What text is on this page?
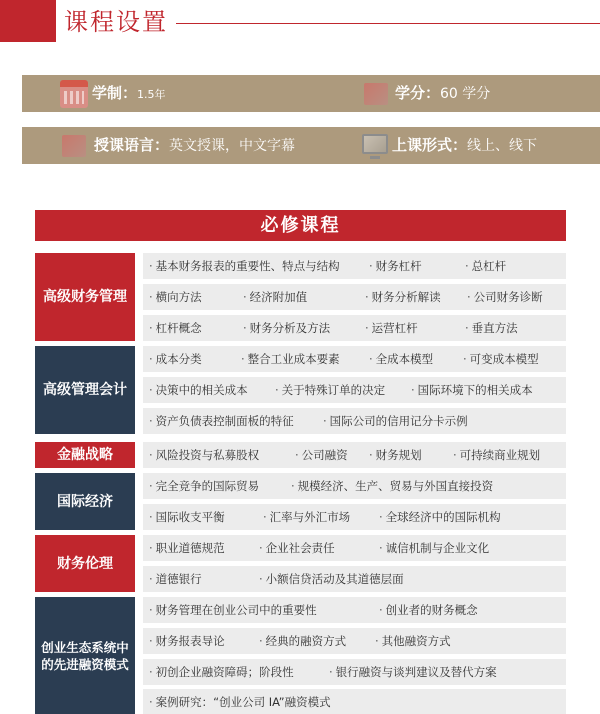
课程设置
学制：1.5年	学分：60 学分
授课语言：英文授课，中文字幕	上课形式：线上、线下
必修课程
高级财务管理
· 基本财务报表的重要性、特点与结构	· 财务杠杆	· 总杠杆
· 横向方法	· 经济附加值	· 财务分析解读	· 公司财务诊断
· 杠杆概念	· 财务分析及方法	· 运营杠杆	· 垂直方法
高级管理会计
· 成本分类	· 整合工业成本要素	· 全成本模型	· 可变成本模型
· 决策中的相关成本	· 关于特殊订单的决定	· 国际环境下的相关成本
· 资产负债表控制面板的特征	· 国际公司的信用记分卡示例
金融战略	· 风险投资与私募股权	· 公司融资	· 财务规划	· 可持续商业规划
国际经济
· 完全竞争的国际贸易	· 规模经济、生产、贸易与外国直接投资
· 国际收支平衡	· 汇率与外汇市场	· 全球经济中的国际机构
财务伦理
· 职业道德规范	· 企业社会责任	· 诚信机制与企业文化
· 道德银行	· 小额信贷活动及其道德层面
创业生态系统中的先进融资模式
· 财务管理在创业公司中的重要性	· 创业者的财务概念
· 财务报表导论	· 经典的融资方式	· 其他融资方式
· 初创企业融资障碍；阶段性	· 银行融资与谈判建议及替代方案
· 案例研究：“创业公司 IA”融资模式
